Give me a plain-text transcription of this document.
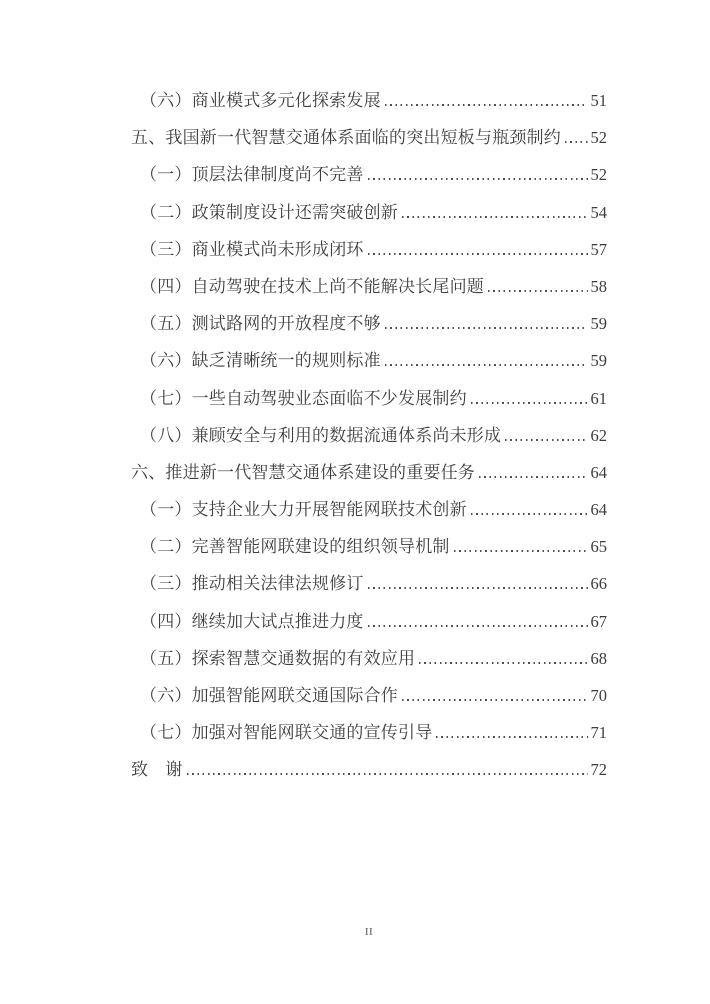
（六）商业模式多元化探索发展	51
五、我国新一代智慧交通体系面临的突出短板与瓶颈制约 52
（一）顶层法律制度尚不完善	52
（二）政策制度设计还需突破创新	54
（三）商业模式尚未形成闭环	57
（四）自动驾驶在技术上尚不能解决长尾问题	58
（五）测试路网的开放程度不够	59
（六）缺乏清晰统一的规则标准	59
（七）一些自动驾驶业态面临不少发展制约	61
（八）兼顾安全与利用的数据流通体系尚未形成	62
六、推进新一代智慧交通体系建设的重要任务	64
（一）支持企业大力开展智能网联技术创新	64
（二）完善智能网联建设的组织领导机制	65
（三）推动相关法律法规修订	66
（四）继续加大试点推进力度	67
（五）探索智慧交通数据的有效应用	68
（六）加强智能网联交通国际合作	70
（七）加强对智能网联交通的宣传引导	71
致　谢	72
II
